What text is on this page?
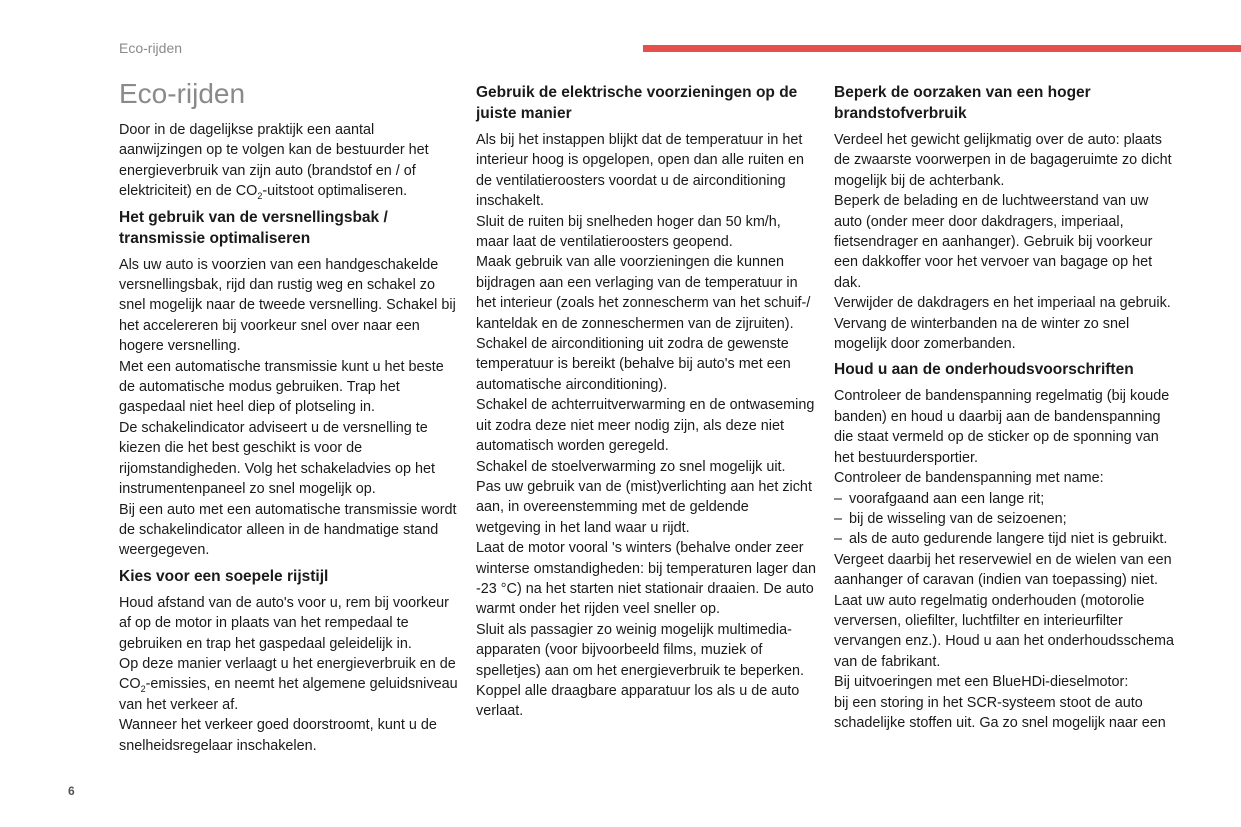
Eco-rijden
Eco-rijden

Door in de dagelijkse praktijk een aantal aanwijzingen op te volgen kan de bestuurder het energieverbruik van zijn auto (brandstof en / of elektriciteit) en de $CO_2$-uitstoot optimaliseren.

Het gebruik van de versnellingsbak / transmissie optimaliseren

Als uw auto is voorzien van een handgeschakelde versnellingsbak, rijd dan rustig weg en schakel zo snel mogelijk naar de tweede versnelling. Schakel bij het accelereren bij voorkeur snel over naar een hogere versnelling.

Met een automatische transmissie kunt u het beste de automatische modus gebruiken. Trap het gaspedaal niet heel diep of plotseling in.

De schakelindicator adviseert u de versnelling te kiezen die het best geschikt is voor de rijomstandigheden. Volg het schakeladvies op het instrumentenpaneel zo snel mogelijk op.

Bij een auto met een automatische transmissie wordt de schakelindicator alleen in de handmatige stand weergegeven.

Kies voor een soepele rijstijl

Houd afstand van de auto's voor u, rem bij voorkeur af op de motor in plaats van het rempedaal te gebruiken en trap het gaspedaal geleidelijk in.

Op deze manier verlaagt u het energieverbruik en de $CO_2$-emissies, en neemt het algemene geluidsniveau van het verkeer af.

Wanneer het verkeer goed doorstroomt, kunt u de snelheidsregelaar inschakelen.

Gebruik de elektrische voorzieningen op de juiste manier

Als bij het instappen blijkt dat de temperatuur in het interieur hoog is opgelopen, open dan alle ruiten en de ventilatieroosters voordat u de airconditioning inschakelt.

Sluit de ruiten bij snelheden hoger dan 50 km/h, maar laat de ventilatieroosters geopend.

Maak gebruik van alle voorzieningen die kunnen bijdragen aan een verlaging van de temperatuur in het interieur (zoals het zonnescherm van het schuif-/ kanteldak en de zonneschermen van de zijruiten).

Schakel de airconditioning uit zodra de gewenste temperatuur is bereikt (behalve bij auto's met een automatische airconditioning).

Schakel de achterruitverwarming en de ontwaseming uit zodra deze niet meer nodig zijn, als deze niet automatisch worden geregeld.

Schakel de stoelverwarming zo snel mogelijk uit.

Pas uw gebruik van de (mist)verlichting aan het zicht aan, in overeenstemming met de geldende wetgeving in het land waar u rijdt.

Laat de motor vooral 's winters (behalve onder zeer winterse omstandigheden: bij temperaturen lager dan -23 °C) na het starten niet stationair draaien. De auto warmt onder het rijden veel sneller op.

Sluit als passagier zo weinig mogelijk multimedia-apparaten (voor bijvoorbeeld films, muziek of spelletjes) aan om het energieverbruik te beperken.

Koppel alle draagbare apparatuur los als u de auto verlaat.

Beperk de oorzaken van een hoger brandstofverbruik

Verdeel het gewicht gelijkmatig over de auto: plaats de zwaarste voorwerpen in de bagageruimte zo dicht mogelijk bij de achterbank.

Beperk de belading en de luchtweerstand van uw auto (onder meer door dakdragers, imperiaal, fietsendrager en aanhanger). Gebruik bij voorkeur een dakkoffer voor het vervoer van bagage op het dak.

Verwijder de dakdragers en het imperiaal na gebruik.

Vervang de winterbanden na de winter zo snel mogelijk door zomerbanden.

Houd u aan de onderhoudsvoorschriften

Controleer de bandenspanning regelmatig (bij koude banden) en houd u daarbij aan de bandenspanning die staat vermeld op de sticker op de sponning van het bestuurdersportier.

Controleer de bandenspanning met name:

– voorafgaand aan een lange rit;
– bij de wisseling van de seizoenen;
– als de auto gedurende langere tijd niet is gebruikt.

Vergeet daarbij het reservewiel en de wielen van een aanhanger of caravan (indien van toepassing) niet.

Laat uw auto regelmatig onderhouden (motorolie verversen, oliefilter, luchtfilter en interieurfilter vervangen enz.). Houd u aan het onderhoudsschema van de fabrikant.

Bij uitvoeringen met een BlueHDi-dieselmotor:

bij een storing in het SCR-systeem stoot de auto schadelijke stoffen uit. Ga zo snel mogelijk naar een

6
